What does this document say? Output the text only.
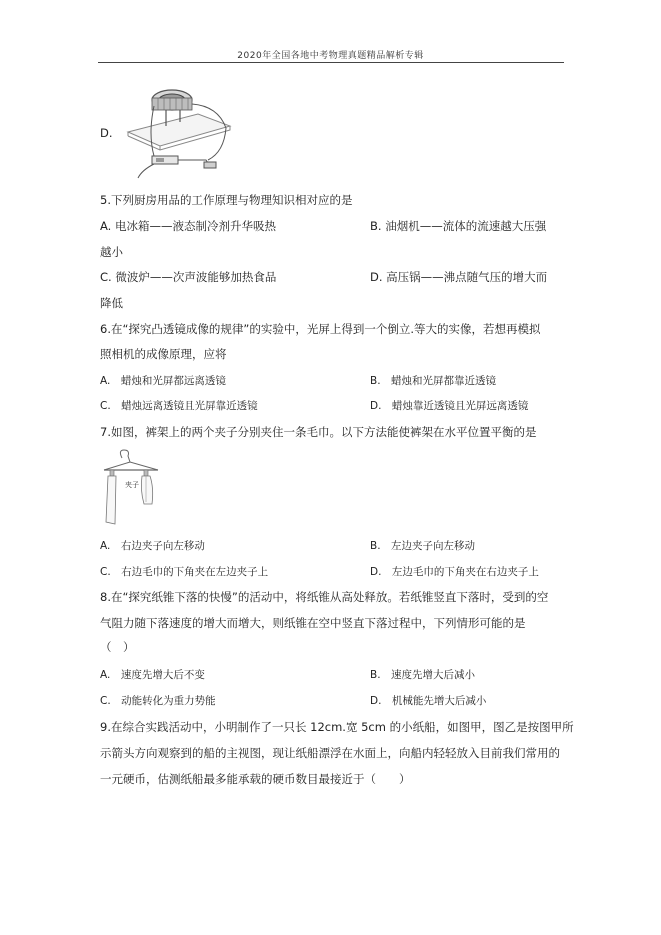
2020年全国各地中考物理真题精品解析专辑
D.
5.下列厨房用品的工作原理与物理知识相对应的是
A. 电冰箱——液态制冷剂升华吸热	B. 油烟机——流体的流速越大压强
越小
C. 微波炉——次声波能够加热食品	D. 高压锅——沸点随气压的增大而
降低
6.在“探究凸透镜成像的规律”的实验中，光屏上得到一个倒立.等大的实像，若想再模拟
照相机的成像原理，应将
A.　蜡烛和光屏都远离透镜	B.　蜡烛和光屏都靠近透镜
C.　蜡烛远离透镜且光屏靠近透镜	D.　蜡烛靠近透镜且光屏远离透镜
7.如图，裤架上的两个夹子分别夹住一条毛巾。以下方法能使裤架在水平位置平衡的是
夹子
A.　右边夹子向左移动	B.　左边夹子向左移动
C.　右边毛巾的下角夹在左边夹子上	D.　左边毛巾的下角夹在右边夹子上
8.在“探究纸锥下落的快慢”的活动中，将纸锥从高处释放。若纸锥竖直下落时，受到的空
气阻力随下落速度的增大而增大，则纸锥在空中竖直下落过程中，下列情形可能的是
（　）
A.　速度先增大后不变	B.　速度先增大后减小
C.　动能转化为重力势能	D.　机械能先增大后减小
9.在综合实践活动中，小明制作了一只长 12cm.宽 5cm 的小纸船，如图甲，图乙是按图甲所
示箭头方向观察到的船的主视图，现让纸船漂浮在水面上，向船内轻轻放入目前我们常用的
一元硬币，估测纸船最多能承载的硬币数目最接近于（　　）
